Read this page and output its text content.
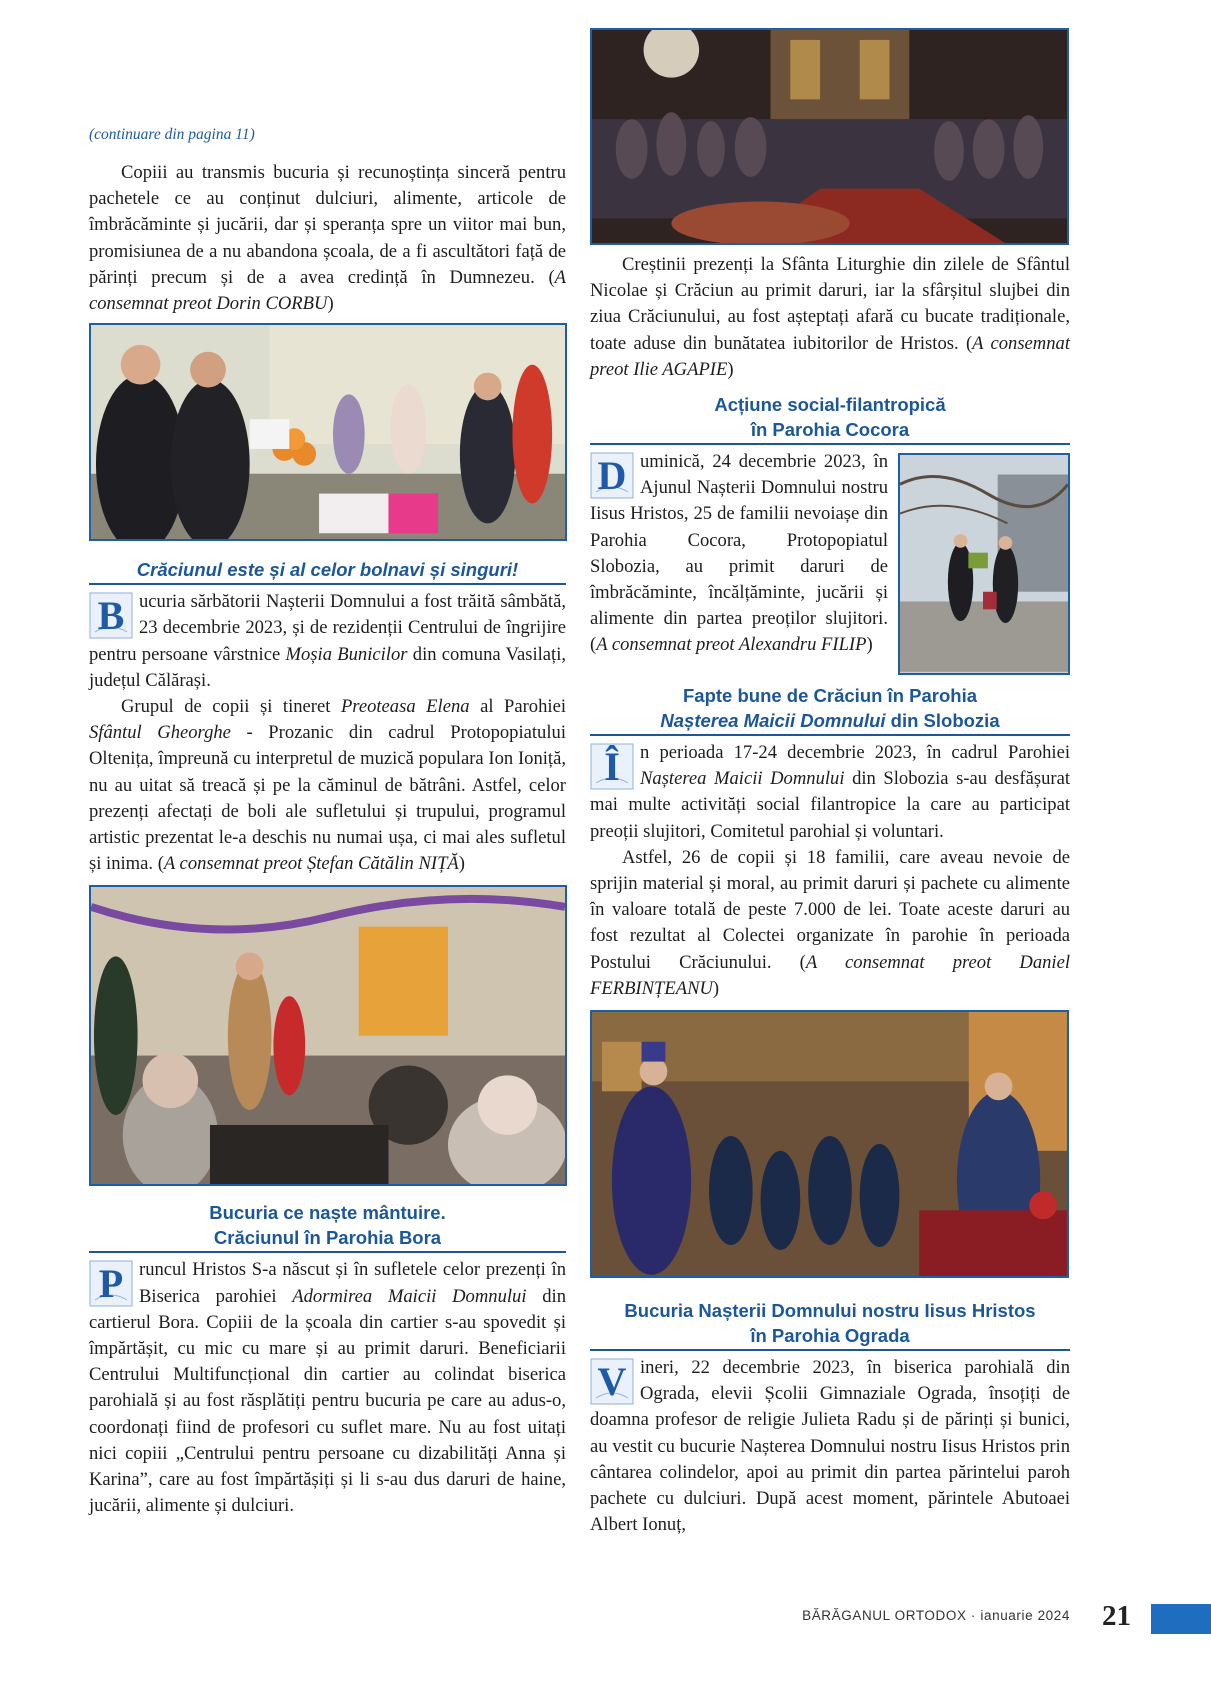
Creștinii prezenți la Sfânta Liturghie din zilele de Sfântul Nicolae și Crăciun au primit daruri, iar la sfârșitul slujbei din ziua Crăciunului, au fost așteptați afară cu bucate tradiționale, toate aduse din bunătatea iubitorilor de Hristos. (A consemnat preot Ilie AGAPIE)

Acțiune social-filantropică
în Parohia Cocora
D uminică, 24 decembrie 2023, în Ajunul Nașterii Domnului nostru Iisus Hristos, 25 de familii nevoiașe din Parohia Cocora, Protopopiatul Slobozia, au primit daruri de îmbrăcăminte, încălțăminte, jucării și alimente din partea preoților slujitori. (A consemnat preot Alexandru FILIP)

Fapte bune de Crăciun în Parohia
Nașterea Maicii Domnului din Slobozia
Î	n perioada 17-24 decembrie 2023, în cadrul Parohiei Nașterea Maicii Domnului din Slobozia s-au desfășurat mai multe activități social filantropice la care au participat preoții slujitori, Comitetul parohial și voluntari.

Astfel, 26 de copii și 18 familii, care aveau nevoie de sprijin material și moral, au primit daruri și pachete cu alimente în valoare totală de peste 7.000 de lei. Toate aceste daruri au fost rezultat al Colectei organizate în parohie în perioada Postului Crăciunului. (A consemnat preot Daniel FERBINȚEANU)

Bucuria Nașterii Domnului nostru Iisus Hristos
în Parohia Ograda
V ineri, 22 decembrie 2023, în biserica parohială din Ograda, elevii Școlii Gimnaziale Ograda, însoțiți de doamna profesor de religie Julieta Radu și de părinți și bunici, au vestit cu bucurie Nașterea Domnului nostru Iisus Hristos prin cântarea colindelor, apoi au primit din partea părintelui paroh pachete cu dulciuri. După acest moment, părintele Abutoaei Albert Ionuț,

(continuare din pagina 11)

Copiii au transmis bucuria și recunoștința sinceră pentru pachetele ce au conținut dulciuri, alimente, articole de îmbrăcăminte și jucării, dar și speranța spre un viitor mai bun, promisiunea de a nu abandona școala, de a fi ascultători față de părinți precum și de a avea credință în Dumnezeu. (A consemnat preot Dorin CORBU)

Crăciunul este și al celor bolnavi și singuri!
B ucuria sărbătorii Nașterii Domnului a fost trăită sâmbătă, 23 decembrie 2023, și de rezidenții Centrului de îngrijire pentru persoane vârstnice Moșia Bunicilor din comuna Vasilați, județul Călărași.

Grupul de copii și tineret Preoteasa Elena al Parohiei Sfântul Gheorghe - Prozanic din cadrul Protopopiatului Oltenița, împreună cu interpretul de muzică populara Ion Ioniță, nu au uitat să treacă și pe la căminul de bătrâni. Astfel, celor prezenți afectați de boli ale sufletului și trupului, programul artistic prezentat le-a deschis nu numai ușa, ci mai ales sufletul și inima. (A consemnat preot Ștefan Cătălin NIȚĂ)

Bucuria ce naște mântuire.
Crăciunul în Parohia Bora
P runcul Hristos S-a născut și în sufletele celor prezenți în Biserica parohiei Adormirea Maicii Domnului din cartierul Bora. Copiii de la școala din cartier s-au spovedit și împărtășit, cu mic cu mare și au primit daruri. Beneficiarii Centrului Multifuncțional din cartier au colindat biserica parohială și au fost răsplătiți pentru bucuria pe care au adus-o, coordonați fiind de profesori cu suflet mare. Nu au fost uitați nici copiii „Centrului pentru persoane cu dizabilități Anna și Karina”, care au fost împărtășiți și li s-au dus daruri de haine, jucării, alimente și dulciuri.

BĂRĂGANUL ORTODOX · ianuarie 2024 21
